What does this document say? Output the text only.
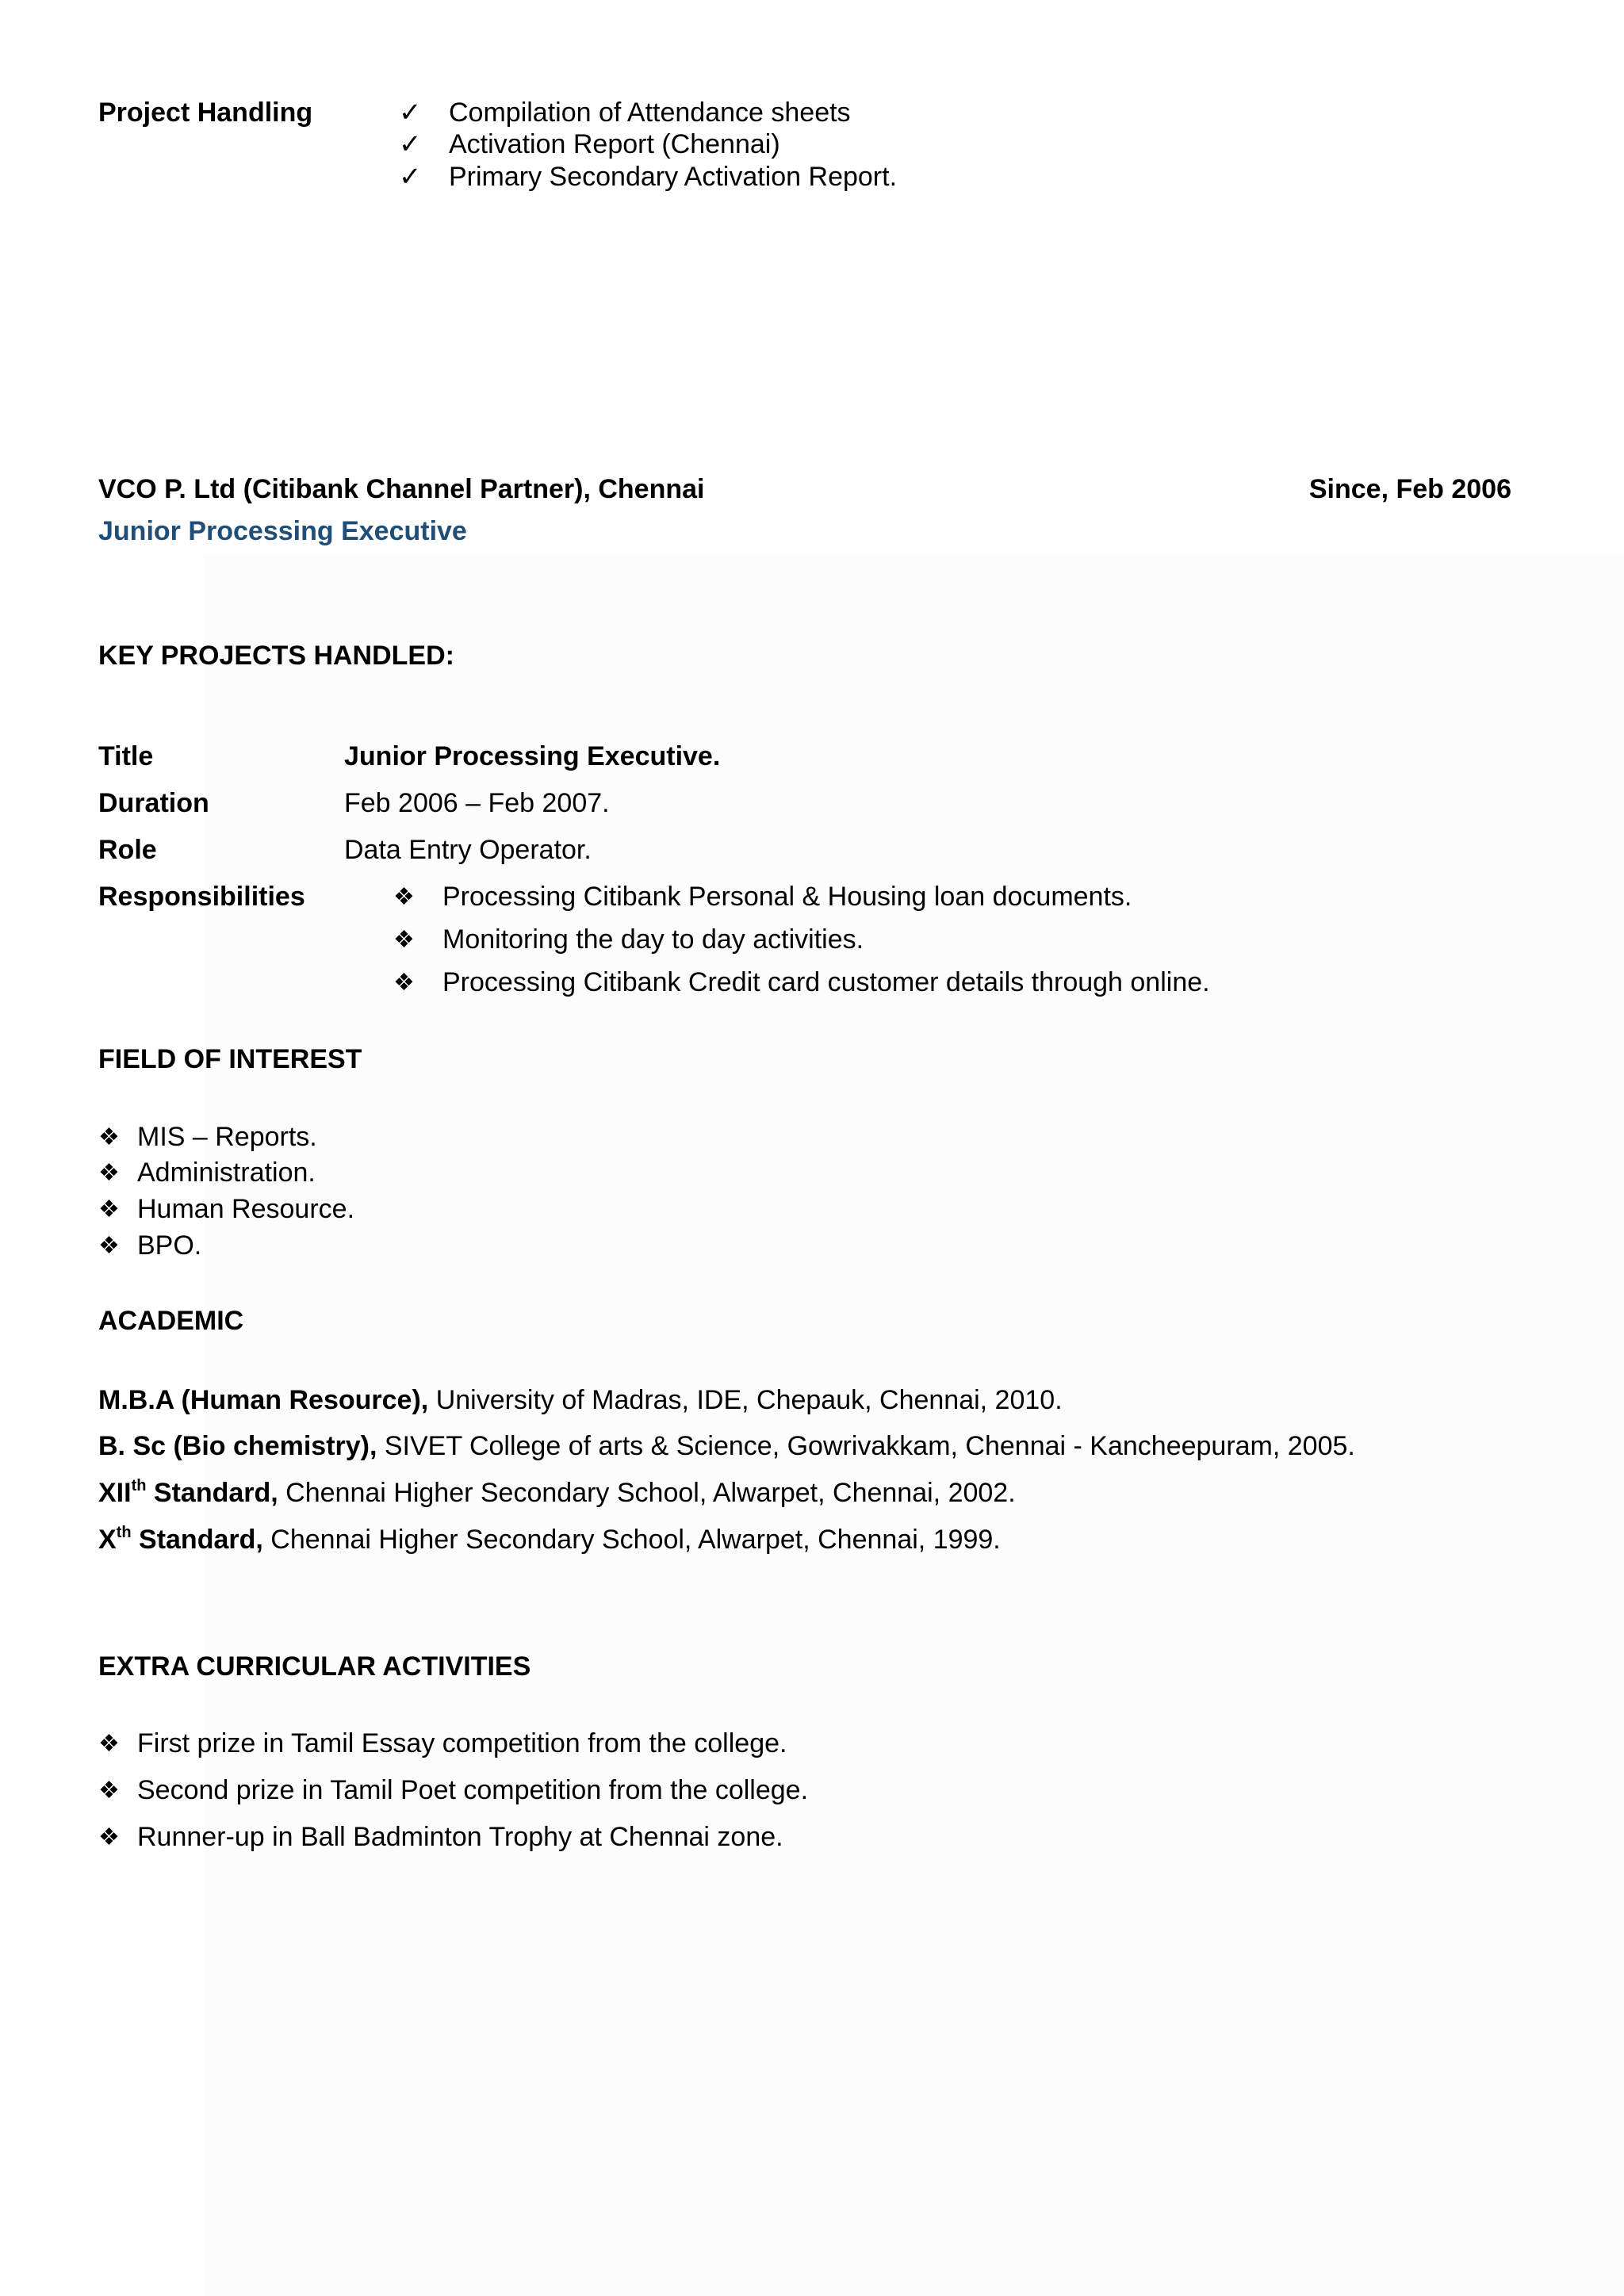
Project Handling	✓ Compilation of Attendance sheets
✓ Activation Report (Chennai)
✓ Primary Secondary Activation Report.
VCO P. Ltd (Citibank Channel Partner), Chennai	Since, Feb 2006
Junior Processing Executive
KEY PROJECTS HANDLED:
Title	Junior Processing Executive.
Duration	Feb 2006 – Feb 2007.
Role	Data Entry Operator.
Responsibilities	❖ Processing Citibank Personal & Housing loan documents.
❖ Monitoring the day to day activities.
❖ Processing Citibank Credit card customer details through online.
FIELD OF INTEREST
❖ MIS – Reports.
❖ Administration.
❖ Human Resource.
❖ BPO.
ACADEMIC
M.B.A (Human Resource), University of Madras, IDE, Chepauk, Chennai, 2010.
B. Sc (Bio chemistry), SIVET College of arts & Science, Gowrivakkam, Chennai - Kancheepuram, 2005.
XIIth Standard, Chennai Higher Secondary School, Alwarpet, Chennai, 2002.
Xth Standard, Chennai Higher Secondary School, Alwarpet, Chennai, 1999.
EXTRA CURRICULAR ACTIVITIES
❖ First prize in Tamil Essay competition from the college.
❖ Second prize in Tamil Poet competition from the college.
❖ Runner-up in Ball Badminton Trophy at Chennai zone.
